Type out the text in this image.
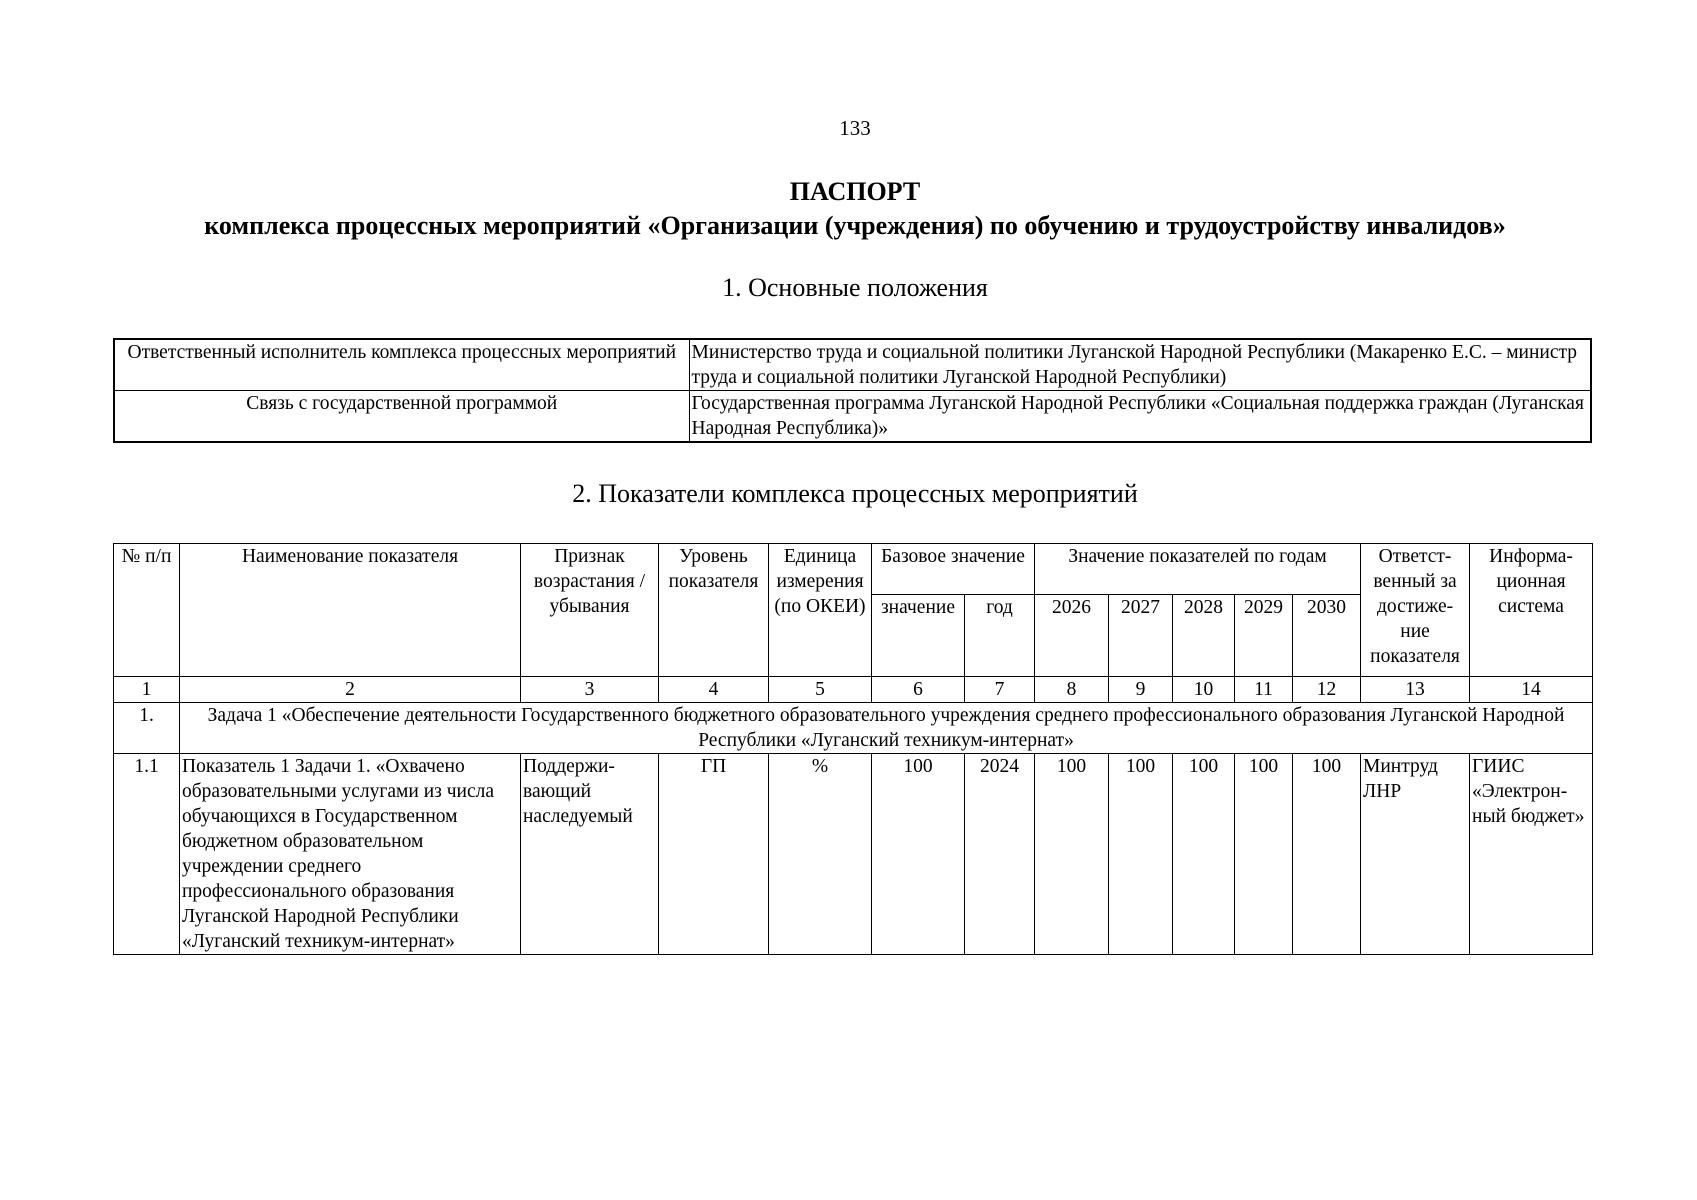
133
ПАСПОРТ
комплекса процессных мероприятий «Организации (учреждения) по обучению и трудоустройству инвалидов»
1. Основные положения
Ответственный исполнитель комплекса процессных мероприятий	Министерство труда и социальной политики Луганской Народной Республики (Макаренко Е.С. – министр труда и социальной политики Луганской Народной Республики)
Связь с государственной программой	Государственная программа Луганской Народной Республики «Социальная поддержка граждан (Луганская Народная Республика)»
2. Показатели комплекса процессных мероприятий
№ п/п	Наименование показателя	Признак возрастания / убывания	Уровень показателя	Единица измерения (по ОКЕИ)	Базовое значение		Значение показателей по годам					Ответст-венный за достиже-ние показателя	Информа-ционная система
					значение	год	2026	2027	2028	2029	2030		
1	2	3	4	5	6	7	8	9	10	11	12	13	14
1.	Задача 1 «Обеспечение деятельности Государственного бюджетного образовательного учреждения среднего профессионального образования Луганской Народной Республики «Луганский техникум-интернат»												
1.1	Показатель 1 Задачи 1. «Охвачено образовательными услугами из числа обучающихся в Государственном бюджетном образовательном учреждении среднего профессионального образования Луганской Народной Республики «Луганский техникум-интернат»	Поддержи-вающий наследуемый	ГП	%	100	2024	100	100	100	100	100	Минтруд ЛНР	ГИИС «Электрон-ный бюджет»
